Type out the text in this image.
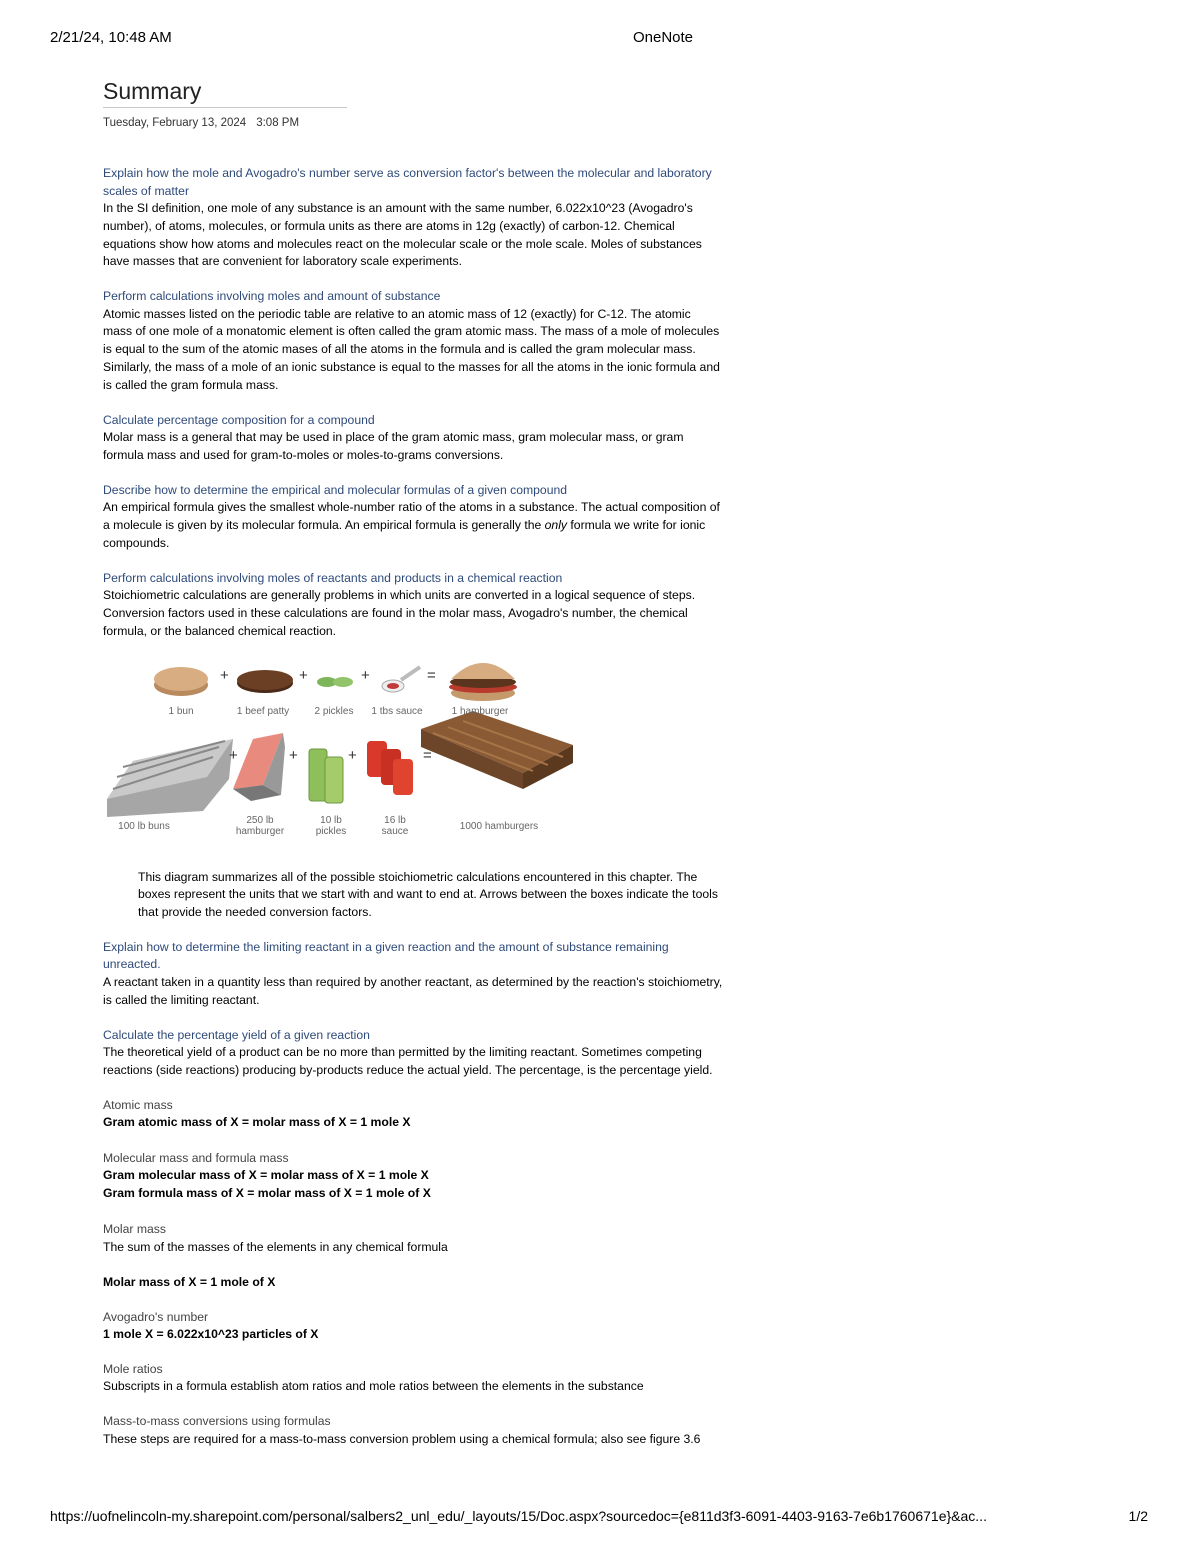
2/21/24, 10:48 AM	OneNote
Summary
Tuesday, February 13, 2024 3:08 PM
Explain how the mole and Avogadro's number serve as conversion factor's between the molecular and laboratory scales of matter
In the SI definition, one mole of any substance is an amount with the same number, 6.022x10^23 (Avogadro's number), of atoms, molecules, or formula units as there are atoms in 12g (exactly) of carbon-12. Chemical equations show how atoms and molecules react on the molecular scale or the mole scale. Moles of substances have masses that are convenient for laboratory scale experiments.
Perform calculations involving moles and amount of substance
Atomic masses listed on the periodic table are relative to an atomic mass of 12 (exactly) for C-12. The atomic mass of one mole of a monatomic element is often called the gram atomic mass. The mass of a mole of molecules is equal to the sum of the atomic mases of all the atoms in the formula and is called the gram molecular mass. Similarly, the mass of a mole of an ionic substance is equal to the masses for all the atoms in the ionic formula and is called the gram formula mass.
Calculate percentage composition for a compound
Molar mass is a general that may be used in place of the gram atomic mass, gram molecular mass, or gram formula mass and used for gram-to-moles or moles-to-grams conversions.
Describe how to determine the empirical and molecular formulas of a given compound
An empirical formula gives the smallest whole-number ratio of the atoms in a substance. The actual composition of a molecule is given by its molecular formula. An empirical formula is generally the only formula we write for ionic compounds.
Perform calculations involving moles of reactants and products in a chemical reaction
Stoichiometric calculations are generally problems in which units are converted in a logical sequence of steps. Conversion factors used in these calculations are found in the molar mass, Avogadro's number, the chemical formula, or the balanced chemical reaction.
+	+	+	=
1 bun	1 beef patty	2 pickles	1 tbs sauce	1 hamburger
+	+	+	=
100 lb buns
250 lb hamburger
10 lb pickles
16 lb sauce	1000 hamburgers
This diagram summarizes all of the possible stoichiometric calculations encountered in this chapter. The boxes represent the units that we start with and want to end at. Arrows between the boxes indicate the tools that provide the needed conversion factors.
Explain how to determine the limiting reactant in a given reaction and the amount of substance remaining unreacted.
A reactant taken in a quantity less than required by another reactant, as determined by the reaction's stoichiometry, is called the limiting reactant.
Calculate the percentage yield of a given reaction
The theoretical yield of a product can be no more than permitted by the limiting reactant. Sometimes competing reactions (side reactions) producing by-products reduce the actual yield. The percentage, is the percentage yield.
Atomic mass
Gram atomic mass of X = molar mass of X = 1 mole X
Molecular mass and formula mass
Gram molecular mass of X = molar mass of X = 1 mole X
Gram formula mass of X = molar mass of X = 1 mole of X
Molar mass
The sum of the masses of the elements in any chemical formula
Molar mass of X = 1 mole of X
Avogadro's number
1 mole X = 6.022x10^23 particles of X
Mole ratios
Subscripts in a formula establish atom ratios and mole ratios between the elements in the substance
Mass-to-mass conversions using formulas
These steps are required for a mass-to-mass conversion problem using a chemical formula; also see figure 3.6
https://uofnelincoln-my.sharepoint.com/personal/salbers2_unl_edu/_layouts/15/Doc.aspx?sourcedoc={e811d3f3-6091-4403-9163-7e6b1760671e}&ac...	1/2
